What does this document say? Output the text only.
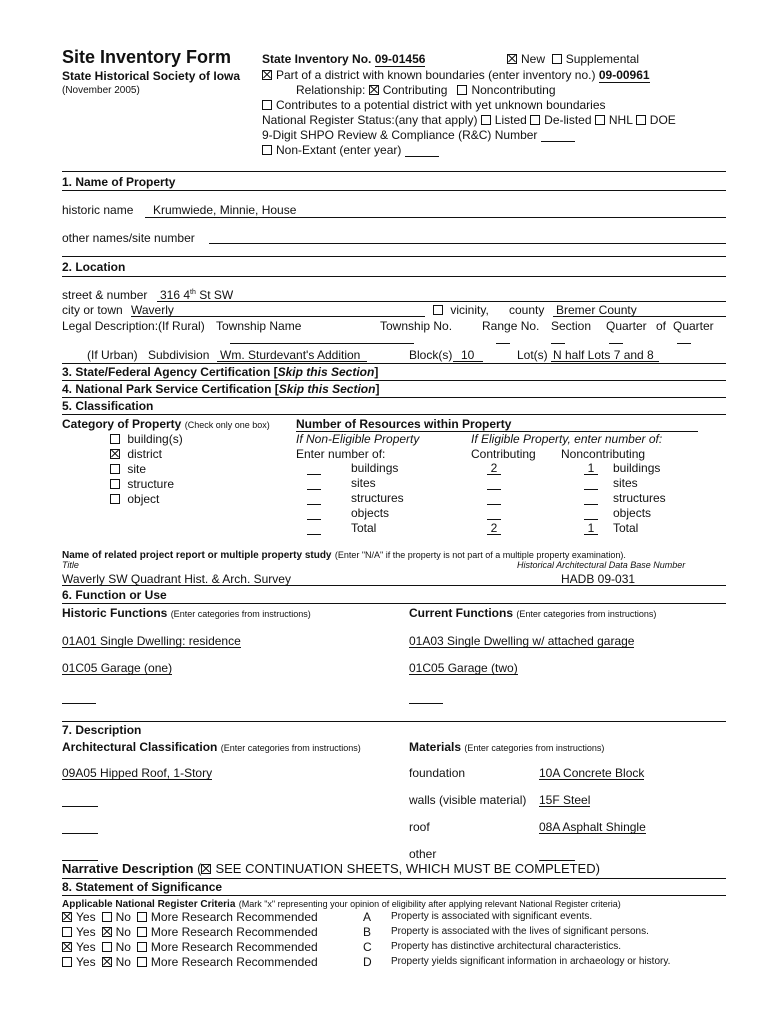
Site Inventory Form
State Historical Society of Iowa
(November 2005)
State Inventory No. 09-01456	New Supplemental
Part of a district with known boundaries (enter inventory no.) 09-00961
Relationship: Contributing Noncontributing
Contributes to a potential district with yet unknown boundaries
National Register Status:(any that apply) Listed De-listed NHL DOE
9-Digit SHPO Review & Compliance (R&C) Number
Non-Extant (enter year)
1. Name of Property
historic name	Krumwiede, Minnie, House
other names/site number
2. Location
street & number 316 4th St SW
city or town Waverly	vicinity, county Bremer County
Legal Description:(If Rural) Township Name	Township No. Range No. Section Quarter of Quarter
(If Urban) Subdivision Wm. Sturdevant's Addition	Block(s) 10	Lot(s) N half Lots 7 and 8
3. State/Federal Agency Certification [Skip this Section]
4. National Park Service Certification [Skip this Section]
5. Classification
Category of Property (Check only one box)
building(s)
district
site
structure
object
Number of Resources within Property
If Non-Eligible Property	If Eligible Property, enter number of:
Enter number of:	Contributing Noncontributing
buildings	2	1	buildings
sites	sites
structures	structures
objects	objects
Total	2	1	Total
Name of related project report or multiple property study (Enter "N/A" if the property is not part of a multiple property examination).
Title	Historical Architectural Data Base Number
Waverly SW Quadrant Hist. & Arch. Survey	HADB 09-031
6. Function or Use
Historic Functions (Enter categories from instructions)	Current Functions (Enter categories from instructions)
01A01 Single Dwelling: residence	01A03 Single Dwelling w/ attached garage
01C05 Garage (one)	01C05 Garage (two)
7. Description
Architectural Classification (Enter categories from instructions)	Materials (Enter categories from instructions)
09A05 Hipped Roof, 1-Story	foundation	10A Concrete Block
walls (visible material) 15F Steel
roof	08A Asphalt Shingle
other
Narrative Description ( SEE CONTINUATION SHEETS, WHICH MUST BE COMPLETED)
8. Statement of Significance
Applicable National Register Criteria (Mark "x" representing your opinion of eligibility after applying relevant National Register criteria)
Yes No More Research Recommended	A Property is associated with significant events.
Yes No More Research Recommended	B Property is associated with the lives of significant persons.
Yes No More Research Recommended	C Property has distinctive architectural characteristics.
Yes No More Research Recommended	D Property yields significant information in archaeology or history.
